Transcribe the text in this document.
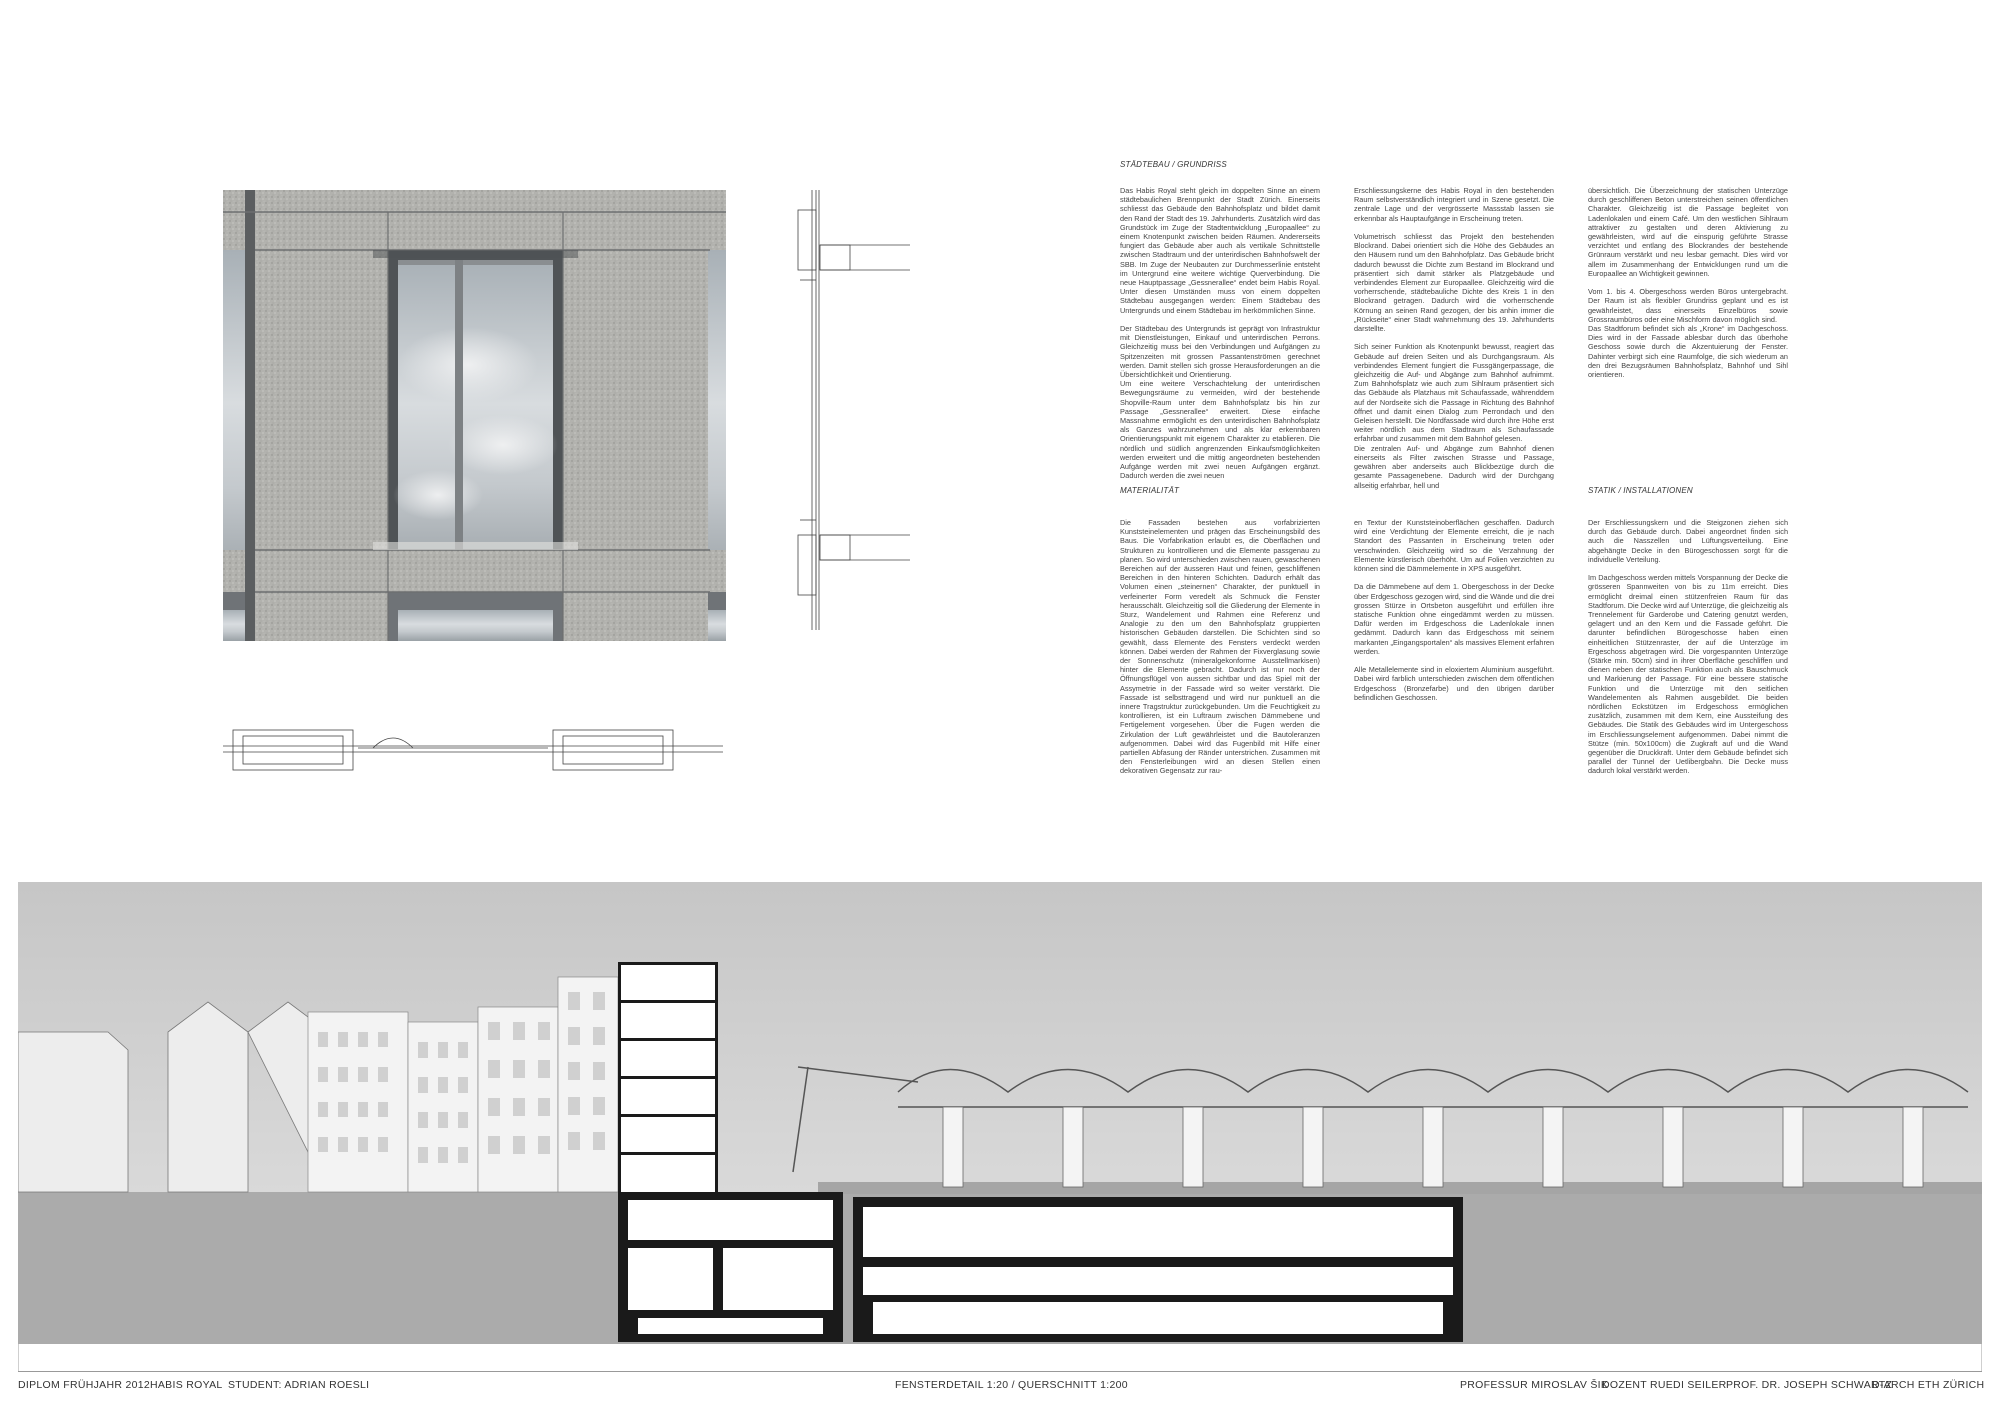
STÄDTEBAU / GRUNDRISS
MATERIALITÄT	STATIK / INSTALLATIONEN

Das Habis Royal steht gleich im doppelten Sinne an einem städtebaulichen Brennpunkt der Stadt Zürich. Einerseits schliesst das Gebäude den Bahnhofsplatz und bildet damit den Rand der Stadt des 19. Jahrhunderts. Zusätzlich wird das Grundstück im Zuge der Stadtentwicklung „Europaallee“ zu einem Knotenpunkt zwischen beiden Räumen. Andererseits fungiert das Gebäude aber auch als vertikale Schnittstelle zwischen Stadtraum und der unterirdischen Bahnhofswelt der SBB. Im Zuge der Neubauten zur Durchmesserlinie entsteht im Untergrund eine weitere wichtige Querverbindung. Die neue Hauptpassage „Gessnerallee“ endet beim Habis Royal. Unter diesen Umständen muss von einem doppelten Städtebau ausgegangen werden: Einem Städtebau des Untergrunds und einem Städtebau im herkömmlichen Sinne.

Der Städtebau des Untergrunds ist geprägt von Infrastruktur mit Dienstleistungen, Einkauf und unterirdischen Perrons. Gleichzeitig muss bei den Verbindungen und Aufgängen zu Spitzenzeiten mit grossen Passantenströmen gerechnet werden. Damit stellen sich grosse Herausforderungen an die Übersichtlichkeit und Orientierung.
Um eine weitere Verschachtelung der unterirdischen Bewegungsräume zu vermeiden, wird der bestehende Shopville-Raum unter dem Bahnhofsplatz bis hin zur Passage „Gessnerallee“ erweitert. Diese einfache Massnahme ermöglicht es den unterirdischen Bahnhofsplatz als Ganzes wahrzunehmen und als klar erkennbaren Orientierungspunkt mit eigenem Charakter zu etablieren. Die nördlich und südlich angrenzenden Einkaufsmöglichkeiten werden erweitert und die mittig angeordneten bestehenden Aufgänge werden mit zwei neuen Aufgängen ergänzt. Dadurch werden die zwei neuen

Erschliessungskerne des Habis Royal in den bestehenden Raum selbstverständlich integriert und in Szene gesetzt. Die zentrale Lage und der vergrösserte Massstab lassen sie erkennbar als Hauptaufgänge in Erscheinung treten.

Volumetrisch schliesst das Projekt den bestehenden Blockrand. Dabei orientiert sich die Höhe des Gebäudes an den Häusern rund um den Bahnhofplatz. Das Gebäude bricht dadurch bewusst die Dichte zum Bestand im Blockrand und präsentiert sich damit stärker als Platzgebäude und verbindendes Element zur Europaallee. Gleichzeitig wird die vorherrschende, städtebauliche Dichte des Kreis 1 in den Blockrand getragen. Dadurch wird die vorherrschende Körnung an seinen Rand gezogen, der bis anhin immer die „Rückseite“ einer Stadt wahrnehmung des 19. Jahrhunderts darstellte.

Sich seiner Funktion als Knotenpunkt bewusst, reagiert das Gebäude auf dreien Seiten und als Durchgangsraum. Als verbindendes Element fungiert die Fussgängerpassage, die gleichzeitig die Auf- und Abgänge zum Bahnhof aufnimmt. Zum Bahnhofsplatz wie auch zum Sihlraum präsentiert sich das Gebäude als Platzhaus mit Schaufassade, währenddem auf der Nordseite sich die Passage in Richtung des Bahnhof öffnet und damit einen Dialog zum Perrondach und den Geleisen herstellt. Die Nordfassade wird durch ihre Höhe erst weiter nördlich aus dem Stadtraum als Schaufassade erfahrbar und zusammen mit dem Bahnhof gelesen.
Die zentralen Auf- und Abgänge zum Bahnhof dienen einerseits als Filter zwischen Strasse und Passage, gewähren aber anderseits auch Blickbezüge durch die gesamte Passagenebene. Dadurch wird der Durchgang allseitig erfahrbar, hell und

übersichtlich. Die Überzeichnung der statischen Unterzüge durch geschliffenen Beton unterstreichen seinen öffentlichen Charakter. Gleichzeitig ist die Passage begleitet von Ladenlokalen und einem Café. Um den westlichen Sihlraum attraktiver zu gestalten und deren Aktivierung zu gewährleisten, wird auf die einspurig geführte Strasse verzichtet und entlang des Blockrandes der bestehende Grünraum verstärkt und neu lesbar gemacht. Dies wird vor allem im Zusammenhang der Entwicklungen rund um die Europaallee an Wichtigkeit gewinnen.

Vom 1. bis 4. Obergeschoss werden Büros untergebracht. Der Raum ist als flexibler Grundriss geplant und es ist gewährleistet, dass einerseits Einzelbüros sowie Grossraumbüros oder eine Mischform davon möglich sind.
Das Stadtforum befindet sich als „Krone“ im Dachgeschoss. Dies wird in der Fassade ablesbar durch das überhohe Geschoss sowie durch die Akzentuierung der Fenster. Dahinter verbirgt sich eine Raumfolge, die sich wiederum an den drei Bezugsräumen Bahnhofsplatz, Bahnhof und Sihl orientieren.

Die Fassaden bestehen aus vorfabrizierten Kunststeinelementen und prägen das Erscheinungsbild des Baus. Die Vorfabrikation erlaubt es, die Oberflächen und Strukturen zu kontrollieren und die Elemente passgenau zu planen. So wird unterschieden zwischen rauen, gewaschenen Bereichen auf der äusseren Haut und feinen, geschliffenen Bereichen in den hinteren Schichten. Dadurch erhält das Volumen einen „steinernen“ Charakter, der punktuell in verfeinerter Form veredelt als Schmuck die Fenster herausschält. Gleichzeitig soll die Gliederung der Elemente in Sturz, Wandelement und Rahmen eine Referenz und Analogie zu den um den Bahnhofsplatz gruppierten historischen Gebäuden darstellen. Die Schichten sind so gewählt, dass Elemente des Fensters verdeckt werden können. Dabei werden der Rahmen der Fixverglasung sowie der Sonnenschutz (mineralgekonforme Ausstellmarkisen) hinter die Elemente gebracht. Dadurch ist nur noch der Öffnungsflügel von aussen sichtbar und das Spiel mit der Assymetrie in der Fassade wird so weiter verstärkt. Die Fassade ist selbsttragend und wird nur punktuell an die innere Tragstruktur zurückgebunden. Um die Feuchtigkeit zu kontrollieren, ist ein Luftraum zwischen Dämmebene und Fertigelement vorgesehen. Über die Fugen werden die Zirkulation der Luft gewährleistet und die Bautoleranzen aufgenommen. Dabei wird das Fugenbild mit Hilfe einer partiellen Abfasung der Ränder unterstrichen. Zusammen mit den Fensterleibungen wird an diesen Stellen einen dekorativen Gegensatz zur rau-

en Textur der Kunststeinoberflächen geschaffen. Dadurch wird eine Verdichtung der Elemente erreicht, die je nach Standort des Passanten in Erscheinung treten oder verschwinden. Gleichzeitig wird so die Verzahnung der Elemente kürstlerisch überhöht. Um auf Folien verzichten zu können sind die Dämmelemente in XPS ausgeführt.

Da die Dämmebene auf dem 1. Obergeschoss in der Decke über Erdgeschoss gezogen wird, sind die Wände und die drei grossen Stürze in Ortsbeton ausgeführt und erfüllen ihre statische Funktion ohne eingedämmt werden zu müssen. Dafür werden im Erdgeschoss die Ladenlokale innen gedämmt. Dadurch kann das Erdgeschoss mit seinem markanten „Eingangsportalen“ als massives Element erfahren werden.

Alle Metallelemente sind in eloxiertem Aluminium ausgeführt. Dabei wird farblich unterschieden zwischen dem öffentlichen Erdgeschoss (Bronzefarbe) und den übrigen darüber befindlichen Geschossen.

Der Erschliessungskern und die Steigzonen ziehen sich durch das Gebäude durch. Dabei angeordnet finden sich auch die Nasszellen und Lüftungsverteilung. Eine abgehängte Decke in den Bürogeschossen sorgt für die individuelle Verteilung.

Im Dachgeschoss werden mittels Vorspannung der Decke die grösseren Spannweiten von bis zu 11m erreicht. Dies ermöglicht dreimal einen stützenfreien Raum für das Stadtforum. Die Decke wird auf Unterzüge, die gleichzeitig als Trennelement für Garderobe und Catering genutzt werden, gelagert und an den Kern und die Fassade geführt. Die darunter befindlichen Bürogeschosse haben einen einheitlichen Stützenraster, der auf die Unterzüge im Ergeschoss abgetragen wird. Die vorgespannten Unterzüge (Stärke min. 50cm) sind in ihrer Oberfläche geschliffen und dienen neben der statischen Funktion auch als Bauschmuck und Markierung der Passage. Für eine bessere statische Funktion und die Unterzüge mit den seitlichen Wandelementen als Rahmen ausgebildet. Die beiden nördlichen Eckstützen im Erdgeschoss ermöglichen zusätzlich, zusammen mit dem Kern, eine Aussteifung des Gebäudes. Die Statik des Gebäudes wird im Untergeschoss im Erschliessungselement aufgenommen. Dabei nimmt die Stütze (min. 50x100cm) die Zugkraft auf und die Wand gegenüber die Druckkraft. Unter dem Gebäude befindet sich parallel der Tunnel der Uetlibergbahn. Die Decke muss dadurch lokal verstärkt werden.

DIPLOM FRÜHJAHR 2012 HABIS ROYAL STUDENT: ADRIAN ROESLI	FENSTERDETAIL 1:20 / QUERSCHNITT 1:200	PROFESSUR MIROSLAV ŠIK
DOZENT RUEDI SEILER PROF. DR. JOSEPH SCHWARTZ
D-ARCH ETH ZÜRICH
